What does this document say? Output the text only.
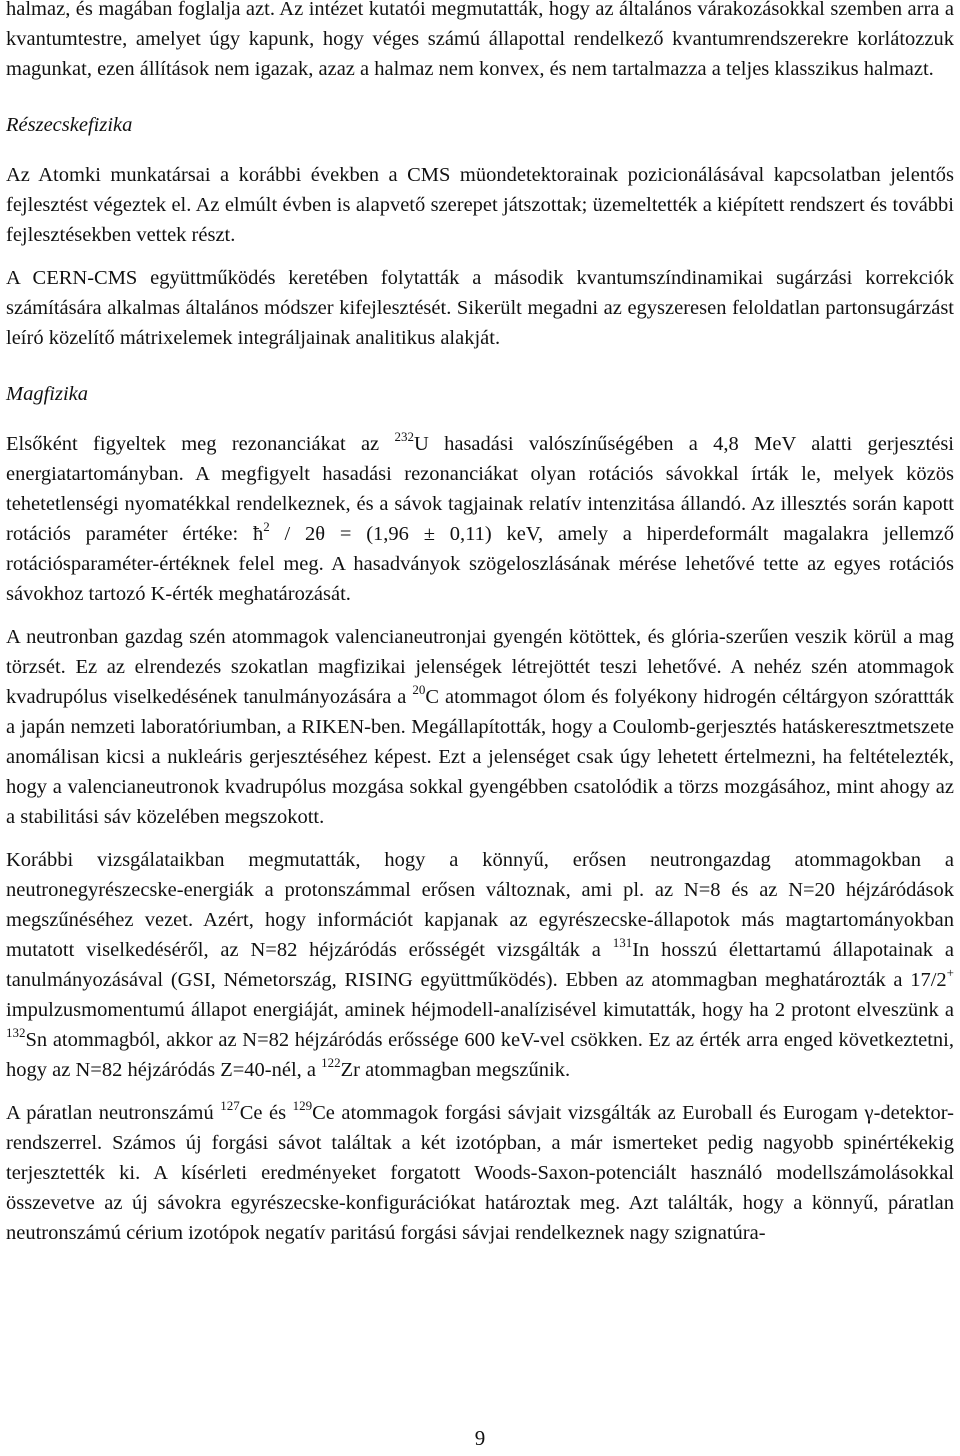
halmaz, és magában foglalja azt. Az intézet kutatói megmutatták, hogy az általános várakozásokkal szemben arra a kvantumtestre, amelyet úgy kapunk, hogy véges számú állapottal rendelkező kvantumrendszerekre korlátozzuk magunkat, ezen állítások nem igazak, azaz a halmaz nem konvex, és nem tartalmazza a teljes klasszikus halmazt.

Részecskefizika

Az Atomki munkatársai a korábbi években a CMS müondetektorainak pozicionálásával kapcsolatban jelentős fejlesztést végeztek el. Az elmúlt évben is alapvető szerepet játszottak; üzemeltették a kiépített rendszert és további fejlesztésekben vettek részt.

A CERN-CMS együttműködés keretében folytatták a második kvantumszíndinamikai sugárzási korrekciók számítására alkalmas általános módszer kifejlesztését. Sikerült megadni az egyszeresen feloldatlan partonsugárzást leíró közelítő mátrixelemek integráljainak analitikus alakját.

Magfizika

Elsőként figyeltek meg rezonanciákat az $^{232}$U hasadási valószínűségében a 4,8 MeV alatti gerjesztési energiatartományban. A megfigyelt hasadási rezonanciákat olyan rotációs sávokkal írták le, melyek közös tehetetlenségi nyomatékkal rendelkeznek, és a sávok tagjainak relatív intenzitása állandó. Az illesztés során kapott rotációs paraméter értéke: $ħ^2 / 2\theta = (1,96 \pm 0,11)$ keV, amely a hiperdeformált magalakra jellemző rotációsparaméter-értéknek felel meg. A hasadványok szögeloszlásának mérése lehetővé tette az egyes rotációs sávokhoz tartozó K-érték meghatározását.

A neutronban gazdag szén atommagok valencianeutronjai gyengén kötöttek, és glória-szerűen veszik körül a mag törzsét. Ez az elrendezés szokatlan magfizikai jelenségek létrejöttét teszi lehetővé. A nehéz szén atommagok kvadrupólus viselkedésének tanulmányozására a $^{20}$C atommagot ólom és folyékony hidrogén céltárgyon szórattták a japán nemzeti laboratóriumban, a RIKEN-ben. Megállapították, hogy a Coulomb-gerjesztés hatáskeresztmetszete anomálisan kicsi a nukleáris gerjesztéséhez képest. Ezt a jelenséget csak úgy lehetett értelmezni, ha feltételezték, hogy a valencianeutronok kvadrupólus mozgása sokkal gyengébben csatolódik a törzs mozgásához, mint ahogy az a stabilitási sáv közelében megszokott.

Korábbi vizsgálataikban megmutatták, hogy a könnyű, erősen neutrongazdag atommagokban a neutronegyrészecske-energiák a protonszámmal erősen változnak, ami pl. az N=8 és az N=20 héjzáródások megszűnéséhez vezet. Azért, hogy információt kapjanak az egyrészecske-állapotok más magtartományokban mutatott viselkedéséről, az N=82 héjzáródás erősségét vizsgálták a $^{131}$In hosszú élettartamú állapotainak a tanulmányozásával (GSI, Németország, RISING együttműködés). Ebben az atommagban meghatározták a 17/2+ impulzusmomentumú állapot energiáját, aminek héjmodell-analízisével kimutatták, hogy ha 2 protont elveszünk a $^{132}$Sn atommagból, akkor az N=82 héjzáródás erőssége 600 keV-vel csökken. Ez az érték arra enged következtetni, hogy az N=82 héjzáródás Z=40-nél, a $^{122}$Zr atommagban megszűnik.

A páratlan neutronszámú $^{127}$Ce és $^{129}$Ce atommagok forgási sávjait vizsgálták az Euroball és Eurogam γ-detektor-rendszerrel. Számos új forgási sávot találtak a két izotópban, a már ismerteket pedig nagyobb spinértékekig terjesztették ki. A kísérleti eredményeket forgatott Woods-Saxon-potenciált használó modellszámolásokkal összevetve az új sávokra egyrészecske-konfigurációkat határoztak meg. Azt találták, hogy a könnyű, páratlan neutronszámú cérium izotópok negatív paritású forgási sávjai rendelkeznek nagy szignatúra-

9
